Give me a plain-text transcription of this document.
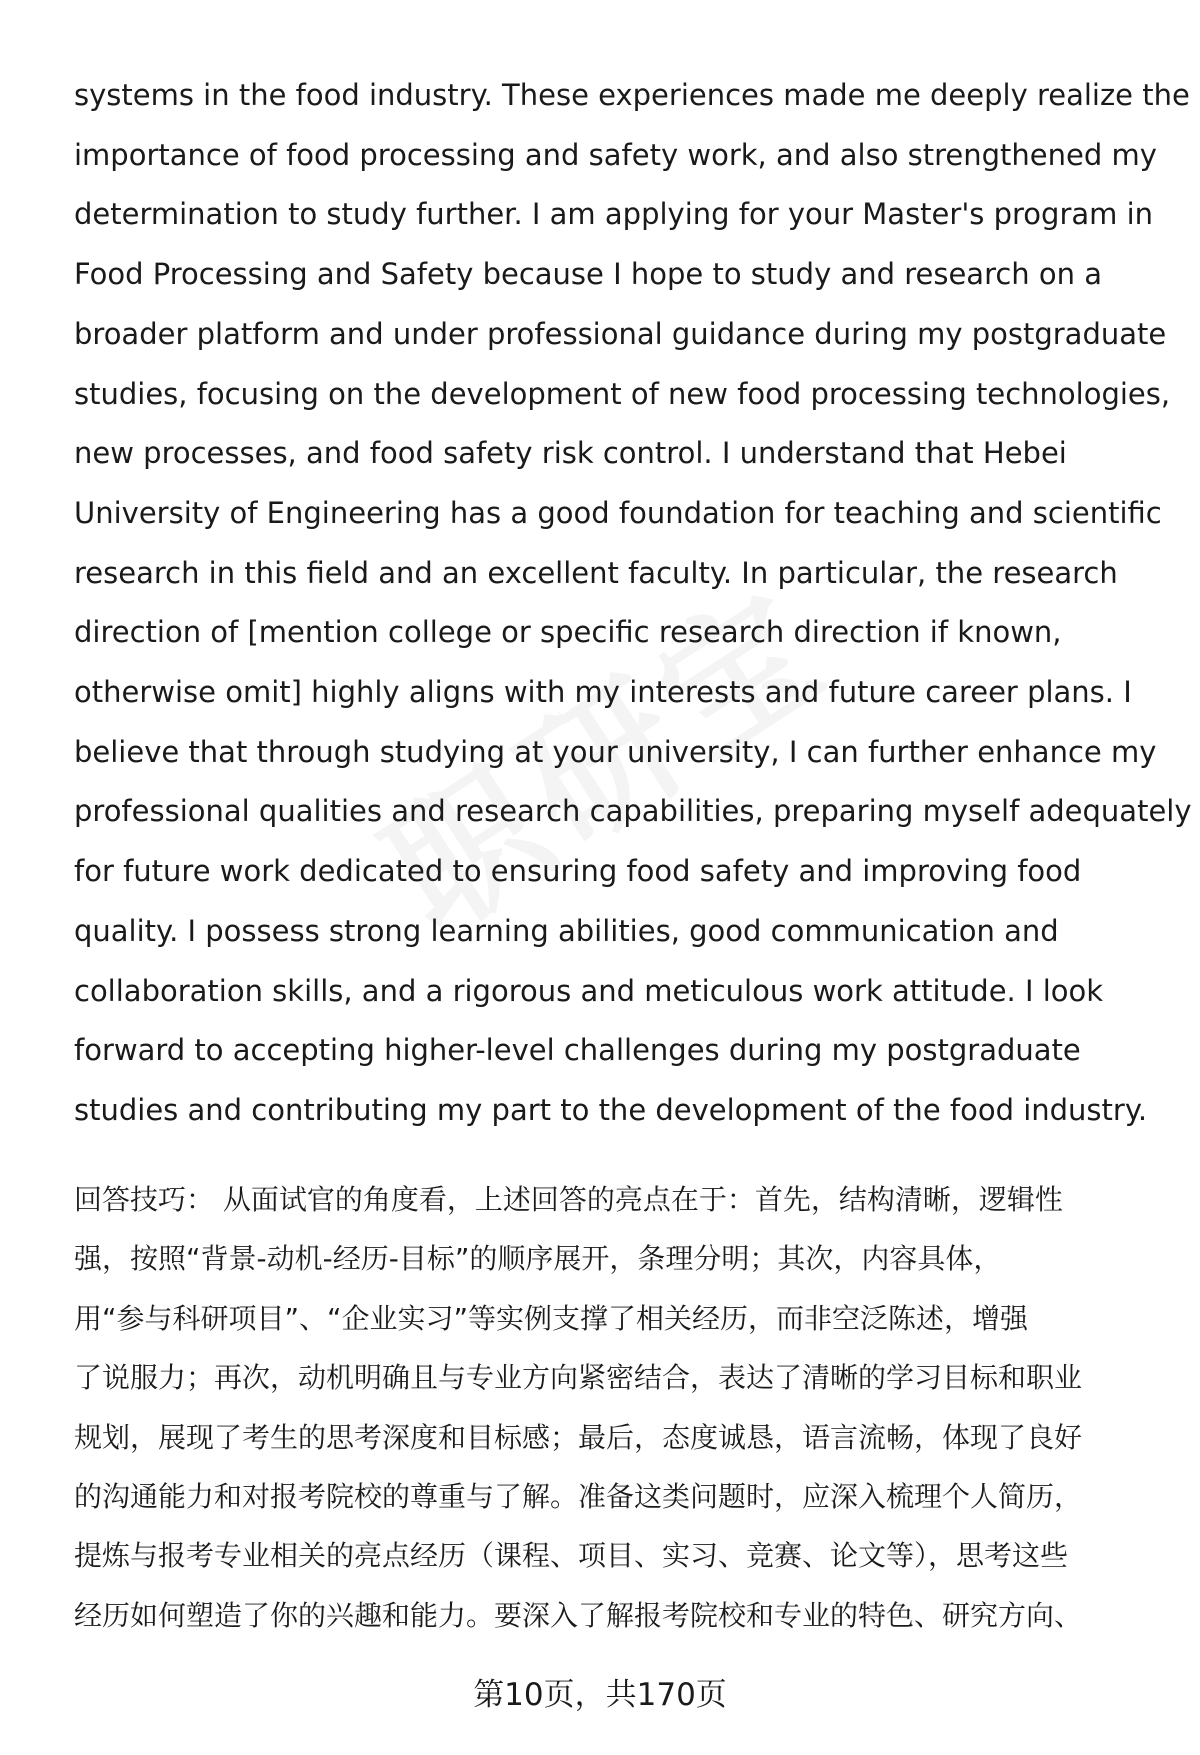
systems in the food industry. These experiences made me deeply realize the
importance of food processing and safety work, and also strengthened my
determination to study further. I am applying for your Master's program in
Food Processing and Safety because I hope to study and research on a
broader platform and under professional guidance during my postgraduate
studies, focusing on the development of new food processing technologies,
new processes, and food safety risk control. I understand that Hebei
University of Engineering has a good foundation for teaching and scientific
research in this field and an excellent faculty. In particular, the research
direction of [mention college or specific research direction if known,
otherwise omit] highly aligns with my interests and future career plans. I
believe that through studying at your university, I can further enhance my
professional qualities and research capabilities, preparing myself adequately
for future work dedicated to ensuring food safety and improving food
quality. I possess strong learning abilities, good communication and
collaboration skills, and a rigorous and meticulous work attitude. I look
forward to accepting higher-level challenges during my postgraduate
studies and contributing my part to the development of the food industry.
回答技巧： 从面试官的角度看，上述回答的亮点在于：首先，结构清晰，逻辑性
强，按照“背景-动机-经历-目标”的顺序展开，条理分明；其次，内容具体，
用“参与科研项目”、“企业实习”等实例支撑了相关经历，而非空泛陈述，增强
了说服力；再次，动机明确且与专业方向紧密结合，表达了清晰的学习目标和职业
规划，展现了考生的思考深度和目标感；最后，态度诚恳，语言流畅，体现了良好
的沟通能力和对报考院校的尊重与了解。准备这类问题时，应深入梳理个人简历，
提炼与报考专业相关的亮点经历（课程、项目、实习、竞赛、论文等），思考这些
经历如何塑造了你的兴趣和能力。要深入了解报考院校和专业的特色、研究方向、
第10页，共170页
